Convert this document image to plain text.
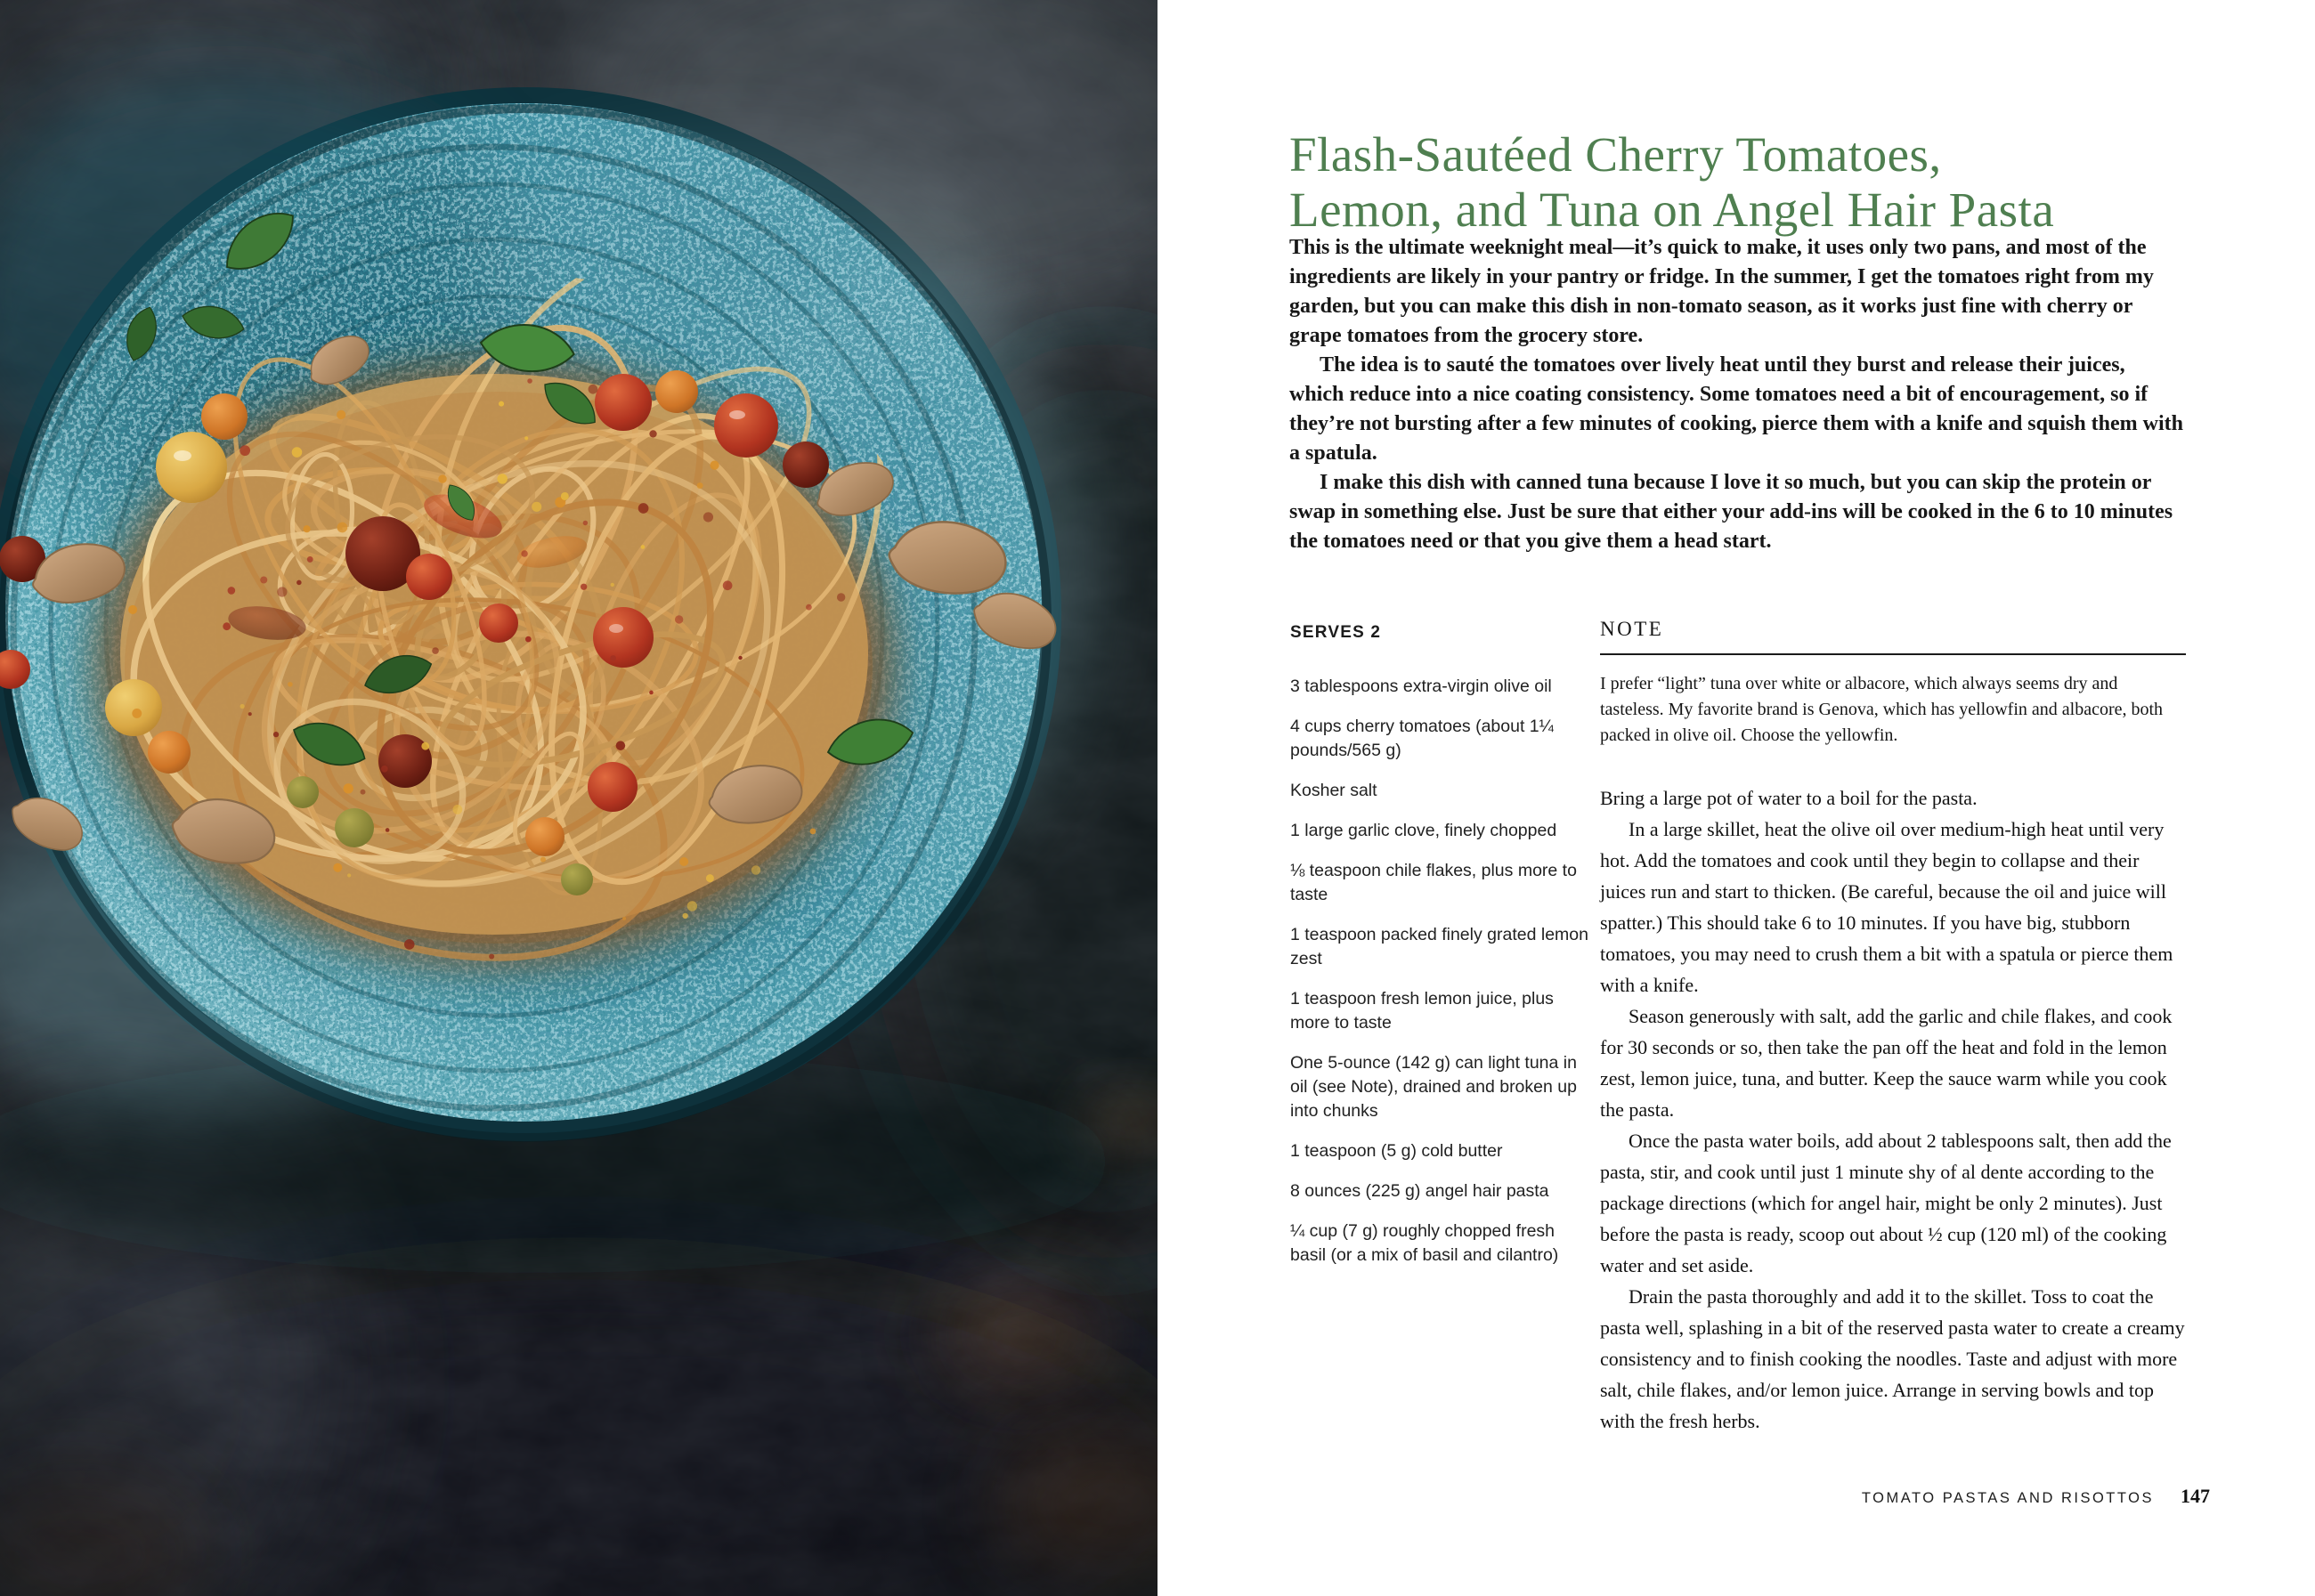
Flash-Sautéed Cherry Tomatoes,
Lemon, and Tuna on Angel Hair Pasta

This is the ultimate weeknight meal—it’s quick to make, it uses only two pans, and most of the ingredients are likely in your pantry or fridge. In the summer, I get the tomatoes right from my garden, but you can make this dish in non-tomato season, as it works just fine with cherry or grape tomatoes from the grocery store.

The idea is to sauté the tomatoes over lively heat until they burst and release their juices, which reduce into a nice coating consistency. Some tomatoes need a bit of encouragement, so if they’re not bursting after a few minutes of cooking, pierce them with a knife and squish them with a spatula.

I make this dish with canned tuna because I love it so much, but you can skip the protein or swap in something else. Just be sure that either your add-ins will be cooked in the 6 to 10 minutes the tomatoes need or that you give them a head start.

SERVES 2

3 tablespoons extra-virgin olive oil

4 cups cherry tomatoes (about 1¼ pounds/565 g)

Kosher salt

1 large garlic clove, finely chopped

⅛ teaspoon chile flakes, plus more to taste

1 teaspoon packed finely grated lemon zest

1 teaspoon fresh lemon juice, plus more to taste

One 5-ounce (142 g) can light tuna in oil (see Note), drained and broken up into chunks

1 teaspoon (5 g) cold butter

8 ounces (225 g) angel hair pasta

¼ cup (7 g) roughly chopped fresh basil (or a mix of basil and cilantro)

NOTE

I prefer “light” tuna over white or albacore, which always seems dry and tasteless. My favorite brand is Genova, which has yellowfin and albacore, both packed in olive oil. Choose the yellowfin.

Bring a large pot of water to a boil for the pasta.

In a large skillet, heat the olive oil over medium-high heat until very hot. Add the tomatoes and cook until they begin to collapse and their juices run and start to thicken. (Be careful, because the oil and juice will spatter.) This should take 6 to 10 minutes. If you have big, stubborn tomatoes, you may need to crush them a bit with a spatula or pierce them with a knife.

Season generously with salt, add the garlic and chile flakes, and cook for 30 seconds or so, then take the pan off the heat and fold in the lemon zest, lemon juice, tuna, and butter. Keep the sauce warm while you cook the pasta.

Once the pasta water boils, add about 2 tablespoons salt, then add the pasta, stir, and cook until just 1 minute shy of al dente according to the package directions (which for angel hair, might be only 2 minutes). Just before the pasta is ready, scoop out about ½ cup (120 ml) of the cooking water and set aside.

Drain the pasta thoroughly and add it to the skillet. Toss to coat the pasta well, splashing in a bit of the reserved pasta water to create a creamy consistency and to finish cooking the noodles. Taste and adjust with more salt, chile flakes, and/or lemon juice. Arrange in serving bowls and top with the fresh herbs.

TOMATO PASTAS AND RISOTTOS 147
